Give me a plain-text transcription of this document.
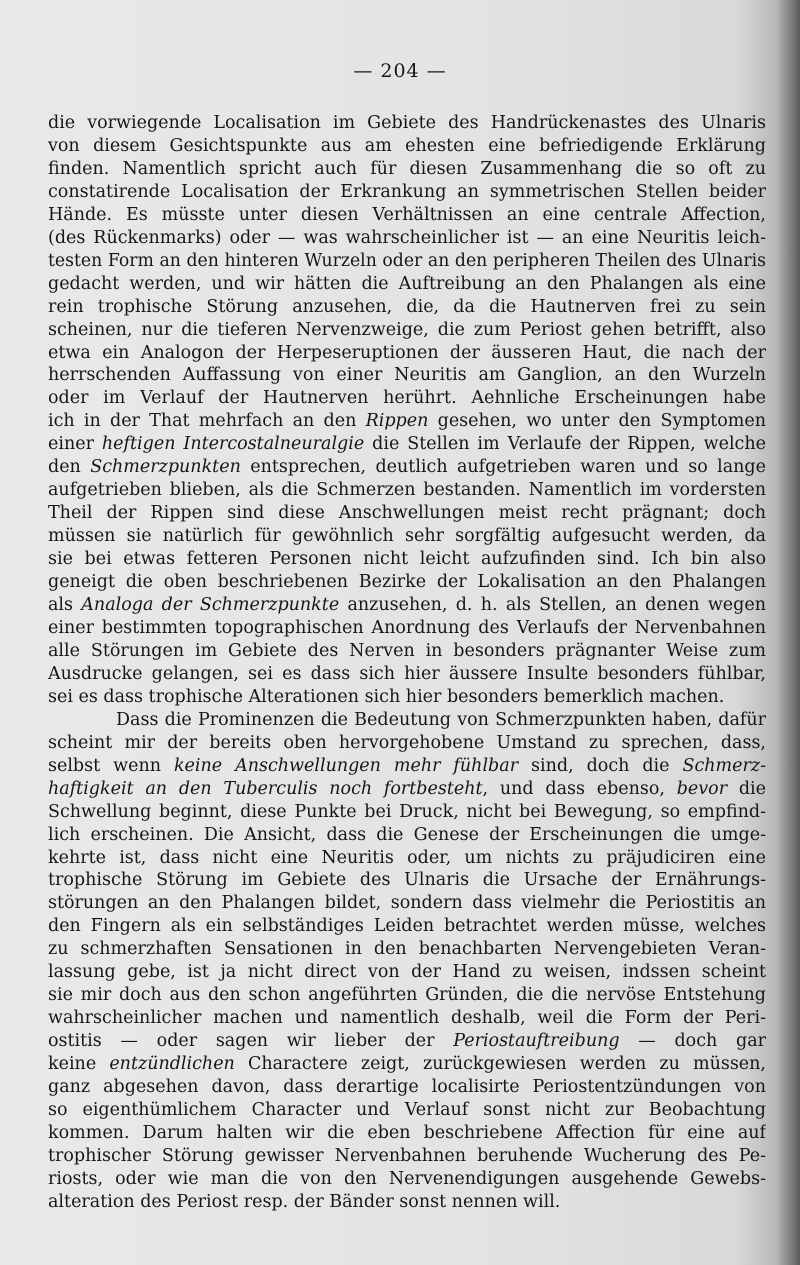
— 204 —
die vorwiegende Localisation im Gebiete des Handrückenastes des Ulnaris
von diesem Gesichtspunkte aus am ehesten eine befriedigende Erklärung
finden. Namentlich spricht auch für diesen Zusammenhang die so oft zu
constatirende Localisation der Erkrankung an symmetrischen Stellen beider
Hände. Es müsste unter diesen Verhältnissen an eine centrale Affection,
(des Rückenmarks) oder — was wahrscheinlicher ist — an eine Neuritis leich-
testen Form an den hinteren Wurzeln oder an den peripheren Theilen des Ulnaris
gedacht werden, und wir hätten die Auftreibung an den Phalangen als eine
rein trophische Störung anzusehen, die, da die Hautnerven frei zu sein
scheinen, nur die tieferen Nervenzweige, die zum Periost gehen betrifft, also
etwa ein Analogon der Herpeseruptionen der äusseren Haut, die nach der
herrschenden Auffassung von einer Neuritis am Ganglion, an den Wurzeln
oder im Verlauf der Hautnerven herührt. Aehnliche Erscheinungen habe
ich in der That mehrfach an den Rippen gesehen, wo unter den Symptomen
einer heftigen Intercostalneuralgie die Stellen im Verlaufe der Rippen, welche
den Schmerzpunkten entsprechen, deutlich aufgetrieben waren und so lange
aufgetrieben blieben, als die Schmerzen bestanden. Namentlich im vordersten
Theil der Rippen sind diese Anschwellungen meist recht prägnant; doch
müssen sie natürlich für gewöhnlich sehr sorgfältig aufgesucht werden, da
sie bei etwas fetteren Personen nicht leicht aufzufinden sind. Ich bin also
geneigt die oben beschriebenen Bezirke der Lokalisation an den Phalangen
als Analoga der Schmerzpunkte anzusehen, d. h. als Stellen, an denen wegen
einer bestimmten topographischen Anordnung des Verlaufs der Nervenbahnen
alle Störungen im Gebiete des Nerven in besonders prägnanter Weise zum
Ausdrucke gelangen, sei es dass sich hier äussere Insulte besonders fühlbar,
sei es dass trophische Alterationen sich hier besonders bemerklich machen.
Dass die Prominenzen die Bedeutung von Schmerzpunkten haben, dafür
scheint mir der bereits oben hervorgehobene Umstand zu sprechen, dass,
selbst wenn keine Anschwellungen mehr fühlbar sind, doch die Schmerz-
haftigkeit an den Tuberculis noch fortbesteht, und dass ebenso, bevor die
Schwellung beginnt, diese Punkte bei Druck, nicht bei Bewegung, so empfind-
lich erscheinen. Die Ansicht, dass die Genese der Erscheinungen die umge-
kehrte ist, dass nicht eine Neuritis oder, um nichts zu präjudiciren eine
trophische Störung im Gebiete des Ulnaris die Ursache der Ernährungs-
störungen an den Phalangen bildet, sondern dass vielmehr die Periostitis an
den Fingern als ein selbständiges Leiden betrachtet werden müsse, welches
zu schmerzhaften Sensationen in den benachbarten Nervengebieten Veran-
lassung gebe, ist ja nicht direct von der Hand zu weisen, indssen scheint
sie mir doch aus den schon angeführten Gründen, die die nervöse Entstehung
wahrscheinlicher machen und namentlich deshalb, weil die Form der Peri-
ostitis — oder sagen wir lieber der Periostauftreibung — doch gar
keine entzündlichen Charactere zeigt, zurückgewiesen werden zu müssen,
ganz abgesehen davon, dass derartige localisirte Periostentzündungen von
so eigenthümlichem Character und Verlauf sonst nicht zur Beobachtung
kommen. Darum halten wir die eben beschriebene Affection für eine auf
trophischer Störung gewisser Nervenbahnen beruhende Wucherung des Pe-
riosts, oder wie man die von den Nervenendigungen ausgehende Gewebs-
alteration des Periost resp. der Bänder sonst nennen will.
